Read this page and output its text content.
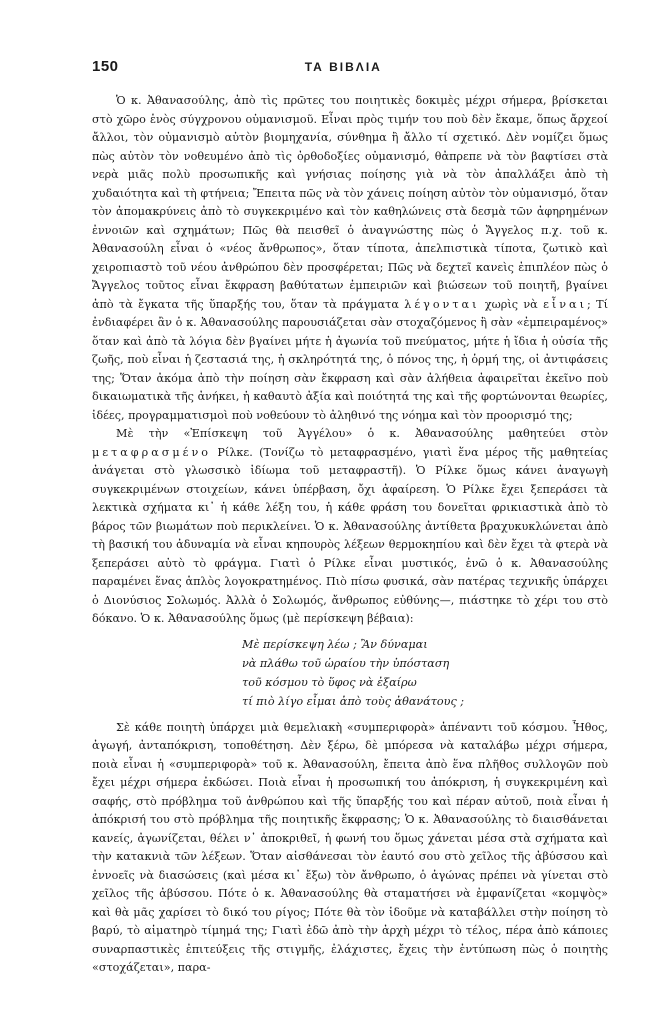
150	ΤΑ ΒΙΒΛΙΑ

Ὁ κ. Ἀθανασούλης, ἀπὸ τὶς πρῶτες του ποιητικὲς δοκιμὲς μέχρι σήμερα, βρίσκεται στὸ χῶρο ἑνὸς σύγχρονου οὐμανισμοῦ. Εἶναι πρὸς τιμήν του ποὺ δὲν ἔκαμε, ὅπως ἄρχεοί ἄλλοι, τὸν οὐμανισμὸ αὐτὸν βιομηχανία, σύνθημα ἢ ἄλλο τί σχετικό. Δὲν νομίζει ὅμως πὼς αὐτὸν τὸν νοθευμένο ἀπὸ τὶς ὀρθοδοξίες οὐμανισμό, θἀπρεπε νὰ τὸν βαφτίσει στὰ νερὰ μιᾶς πολὺ προσωπικῆς καὶ γνήσιας ποίησης γιὰ νὰ τὸν ἀπαλλάξει ἀπὸ τὴ χυδαιότητα καὶ τὴ φτήνεια; Ἔπειτα πῶς νὰ τὸν χάνεις ποίηση αὐτὸν τὸν οὐμανισμό, ὅταν τὸν ἀπομακρύνεις ἀπὸ τὸ συγκεκριμένο καὶ τὸν καθηλώνεις στὰ δεσμὰ τῶν ἀφηρημένων ἐννοιῶν καὶ σχημάτων; Πῶς θὰ πεισθεῖ ὁ ἀναγνώστης πὼς ὁ Ἄγγελος π.χ. τοῦ κ. Ἀθανασούλη εἶναι ὁ «νέος ἄνθρωπος», ὅταν τίποτα, ἀπελπιστικὰ τίποτα, ζωτικὸ καὶ χειροπιαστὸ τοῦ νέου ἀνθρώπου δὲν προσφέρεται; Πῶς νὰ δεχτεῖ κανεὶς ἐπιπλέον πὼς ὁ Ἄγγελος τοῦτος εἶναι ἔκφραση βαθύτατων ἐμπειριῶν καὶ βιώσεων τοῦ ποιητῆ, βγαίνει ἀπὸ τὰ ἔγκατα τῆς ὕπαρξής του, ὅταν τὰ πράγματα λέγονται χωρὶς νὰ εἶναι; Τί ἐνδιαφέρει ἂν ὁ κ. Ἀθανασούλης παρουσιάζεται σὰν στοχαζόμενος ἢ σὰν «ἐμπειραμένος» ὅταν καὶ ἀπὸ τὰ λόγια δὲν βγαίνει μήτε ἡ ἀγωνία τοῦ πνεύματος, μήτε ἡ ἴδια ἡ οὐσία τῆς ζωῆς, ποὺ εἶναι ἡ ζεστασιά της, ἡ σκληρότητά της, ὁ πόνος της, ἡ ὁρμή της, οἱ ἀντιφάσεις της; Ὅταν ἀκόμα ἀπὸ τὴν ποίηση σὰν ἔκφραση καὶ σὰν ἀλήθεια ἀφαιρεῖται ἐκεῖνο ποὺ δικαιωματικὰ τῆς ἀνήκει, ἡ καθαυτὸ ἀξία καὶ ποιότητά της καὶ τῆς φορτώνονται θεωρίες, ἰδέες, προγραμματισμοὶ ποὺ νοθεύουν τὸ ἀληθινό της νόημα καὶ τὸν προορισμό της;

Μὲ τὴν «Ἐπίσκεψη τοῦ Ἀγγέλου» ὁ κ. Ἀθανασούλης μαθητεύει στὸν μεταφρασμένο Ρίλκε. (Τονίζω τὸ μεταφρασμένο, γιατὶ ἕνα μέρος τῆς μαθητείας ἀνάγεται στὸ γλωσσικὸ ἰδίωμα τοῦ μεταφραστῆ). Ὁ Ρίλκε ὅμως κάνει ἀναγωγὴ συγκεκριμένων στοιχείων, κάνει ὑπέρβαση, ὄχι ἀφαίρεση. Ὁ Ρίλκε ἔχει ξεπεράσει τὰ λεκτικὰ σχήματα κι᾿ ἡ κάθε λέξη του, ἡ κάθε φράση του δονεῖται φρικιαστικὰ ἀπὸ τὸ βάρος τῶν βιωμάτων ποὺ περικλείνει. Ὁ κ. Ἀθανασούλης ἀντίθετα βραχυκυκλώνεται ἀπὸ τὴ βασική του ἀδυναμία νὰ εἶναι κηπουρὸς λέξεων θερμοκηπίου καὶ δὲν ἔχει τὰ φτερὰ νὰ ξεπεράσει αὐτὸ τὸ φράγμα. Γιατὶ ὁ Ρίλκε εἶναι μυστικός, ἐνῶ ὁ κ. Ἀθανασούλης παραμένει ἕνας ἁπλὸς λογοκρατημένος. Πιὸ πίσω φυσικά, σὰν πατέρας τεχνικῆς ὑπάρχει ὁ Διονύσιος Σολωμός. Ἀλλὰ ὁ Σολωμός, ἄνθρωπος εὐθύνης—, πιάστηκε τὸ χέρι του στὸ δόκανο. Ὁ κ. Ἀθανασούλης ὅμως (μὲ περίσκεψη βέβαια):

Μὲ περίσκεψη λέω ; Ἂν δύναμαι
νὰ πλάθω τοῦ ὡραίου τὴν ὑπόσταση
τοῦ κόσμου τὸ ὕφος νὰ ἐξαίρω
τί πιὸ λίγο εἶμαι ἀπὸ τοὺς ἀθανάτους ;

Σὲ κάθε ποιητὴ ὑπάρχει μιὰ θεμελιακὴ «συμπεριφορὰ» ἀπέναντι τοῦ κόσμου. Ἦθος, ἀγωγή, ἀνταπόκριση, τοποθέτηση. Δὲν ξέρω, δὲ μπόρεσα νὰ καταλάβω μέχρι σήμερα, ποιὰ εἶναι ἡ «συμπεριφορὰ» τοῦ κ. Ἀθανασούλη, ἔπειτα ἀπὸ ἕνα πλῆθος συλλογῶν ποὺ ἔχει μέχρι σήμερα ἐκδώσει. Ποιὰ εἶναι ἡ προσωπική του ἀπόκριση, ἡ συγκεκριμένη καὶ σαφής, στὸ πρόβλημα τοῦ ἀνθρώπου καὶ τῆς ὕπαρξής του καὶ πέραν αὐτοῦ, ποιὰ εἶναι ἡ ἀπόκρισή του στὸ πρόβλημα τῆς ποιητικῆς ἔκφρασης; Ὁ κ. Ἀθανασούλης τὸ διαισθάνεται κανείς, ἀγωνίζεται, θέλει ν᾿ ἀποκριθεῖ, ἡ φωνή του ὅμως χάνεται μέσα στὰ σχήματα καὶ τὴν κατακνιὰ τῶν λέξεων. Ὅταν αἰσθάνεσαι τὸν ἑαυτό σου στὸ χεῖλος τῆς ἀβύσσου καὶ ἐννοεῖς νὰ διασώσεις (καὶ μέσα κι᾿ ἔξω) τὸν ἄνθρωπο, ὁ ἀγώνας πρέπει νὰ γίνεται στὸ χεῖλος τῆς ἀβύσσου. Πότε ὁ κ. Ἀθανασούλης θὰ σταματήσει νὰ ἐμφανίζεται «κομψὸς» καὶ θὰ μᾶς χαρίσει τὸ δικό του ρίγος; Πότε θὰ τὸν ἰδοῦμε νὰ καταβάλλει στὴν ποίηση τὸ βαρύ, τὸ αἱματηρὸ τίμημά της; Γιατὶ ἐδῶ ἀπὸ τὴν ἀρχὴ μέχρι τὸ τέλος, πέρα ἀπὸ κάποιες συναρπαστικὲς ἐπιτεύξεις τῆς στιγμῆς, ἐλάχιστες, ἔχεις τὴν ἐντύπωση πὼς ὁ ποιητὴς «στοχάζεται», παρα-
